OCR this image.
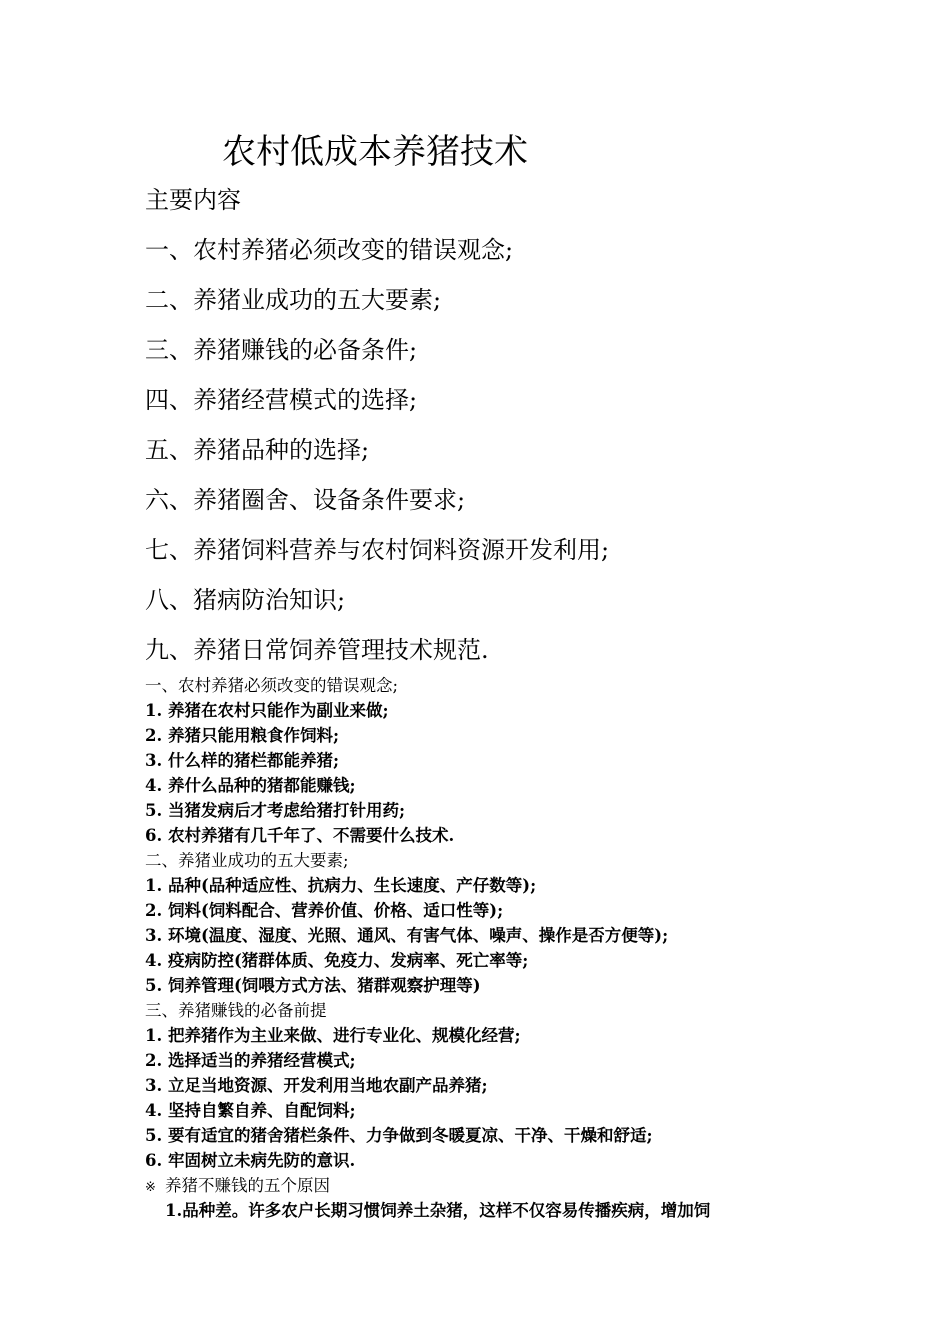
农村低成本养猪技术
主要内容
一、农村养猪必须改变的错误观念;
二、养猪业成功的五大要素;
三、养猪赚钱的必备条件;
四、养猪经营模式的选择;
五、养猪品种的选择;
六、养猪圈舍、设备条件要求;
七、养猪饲料营养与农村饲料资源开发利用;
八、猪病防治知识;
九、养猪日常饲养管理技术规范.
一、农村养猪必须改变的错误观念;
1. 养猪在农村只能作为副业来做;
2. 养猪只能用粮食作饲料;
3. 什么样的猪栏都能养猪;
4. 养什么品种的猪都能赚钱;
5. 当猪发病后才考虑给猪打针用药;
6. 农村养猪有几千年了、不需要什么技术.
二、养猪业成功的五大要素;
1. 品种(品种适应性、抗病力、生长速度、产仔数等);
2. 饲料(饲料配合、营养价值、价格、适口性等);
3. 环境(温度、湿度、光照、通风、有害气体、噪声、操作是否方便等);
4. 疫病防控(猪群体质、免疫力、发病率、死亡率等;
5. 饲养管理(饲喂方式方法、猪群观察护理等)
三、养猪赚钱的必备前提
1. 把养猪作为主业来做、进行专业化、规模化经营;
2. 选择适当的养猪经营模式;
3. 立足当地资源、开发利用当地农副产品养猪;
4. 坚持自繁自养、自配饲料;
5. 要有适宜的猪舍猪栏条件、力争做到冬暖夏凉、干净、干燥和舒适;
6. 牢固树立未病先防的意识.
※ 养猪不赚钱的五个原因
1.品种差。许多农户长期习惯饲养土杂猪，这样不仅容易传播疾病，增加饲
